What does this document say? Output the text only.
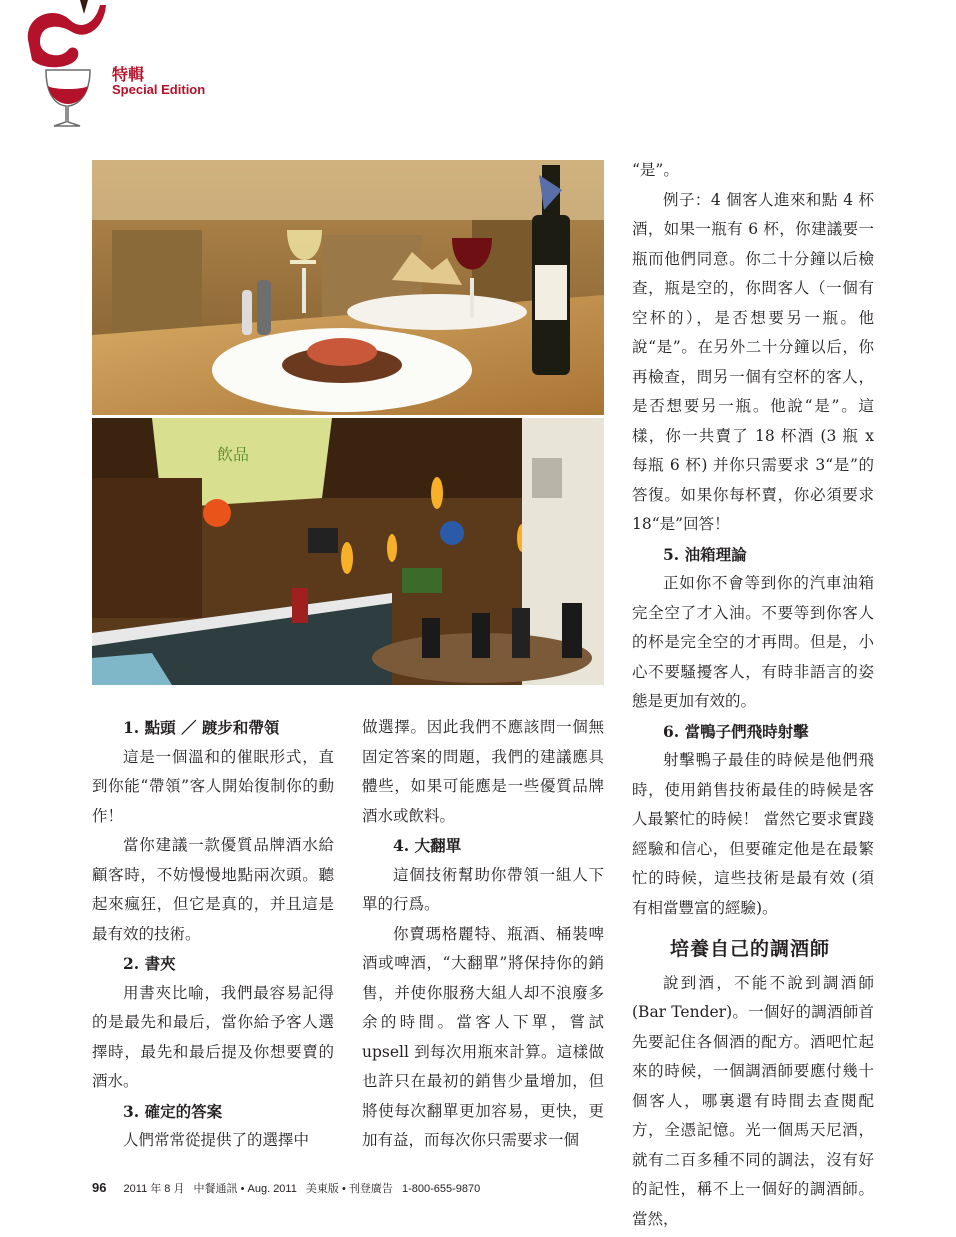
特輯
Special Edition
飲品
1. 點頭 ／ 踱步和帶領

這是一個溫和的催眠形式，直到你能“帶領”客人開始復制你的動作！

當你建議一款優質品牌酒水給顧客時，不妨慢慢地點兩次頭。聽起來瘋狂，但它是真的，并且這是最有效的技術。

2. 書夾

用書夾比喻，我們最容易記得的是最先和最后，當你給予客人選擇時，最先和最后提及你想要賣的酒水。

3. 確定的答案

人們常常從提供了的選擇中

做選擇。因此我們不應該問一個無固定答案的問題，我們的建議應具體些，如果可能應是一些優質品牌酒水或飲料。

4. 大翻單

這個技術幫助你帶領一組人下單的行爲。

你賣瑪格麗特、瓶酒、桶裝啤酒或啤酒，“大翻單”將保持你的銷售，并使你服務大組人却不浪廢多余的時間。當客人下單，嘗試 upsell 到每次用瓶來計算。這樣做也許只在最初的銷售少量增加，但將使每次翻單更加容易，更快，更加有益，而每次你只需要求一個

“是”。

例子：4 個客人進來和點 4 杯酒，如果一瓶有 6 杯，你建議要一瓶而他們同意。你二十分鐘以后檢查，瓶是空的，你問客人（一個有空杯的），是否想要另一瓶。他說“是”。在另外二十分鐘以后，你再檢查，問另一個有空杯的客人，是否想要另一瓶。他說“是”。這樣，你一共賣了 18 杯酒 (3 瓶 x 每瓶 6 杯) 并你只需要求 3“是”的答復。如果你每杯賣，你必須要求 18“是”回答！

5. 油箱理論

正如你不會等到你的汽車油箱完全空了才入油。不要等到你客人的杯是完全空的才再問。但是，小心不要騷擾客人，有時非語言的姿態是更加有效的。

6. 當鴨子們飛時射擊

射擊鴨子最佳的時候是他們飛時，使用銷售技術最佳的時候是客人最繁忙的時候！ 當然它要求實踐經驗和信心，但要確定他是在最繁忙的時候，這些技術是最有效 (須有相當豐富的經驗)。

培養自己的調酒師

說到酒，不能不說到調酒師 (Bar Tender)。一個好的調酒師首先要記住各個酒的配方。酒吧忙起來的時候，一個調酒師要應付幾十個客人，哪裏還有時間去查閱配方，全憑記憶。光一個馬天尼酒，就有二百多種不同的調法，沒有好的記性，稱不上一個好的調酒師。當然，

96 2011 年 8 月 中餐通訊 • Aug. 2011 美東版 • 刊登廣告 1-800-655-9870
